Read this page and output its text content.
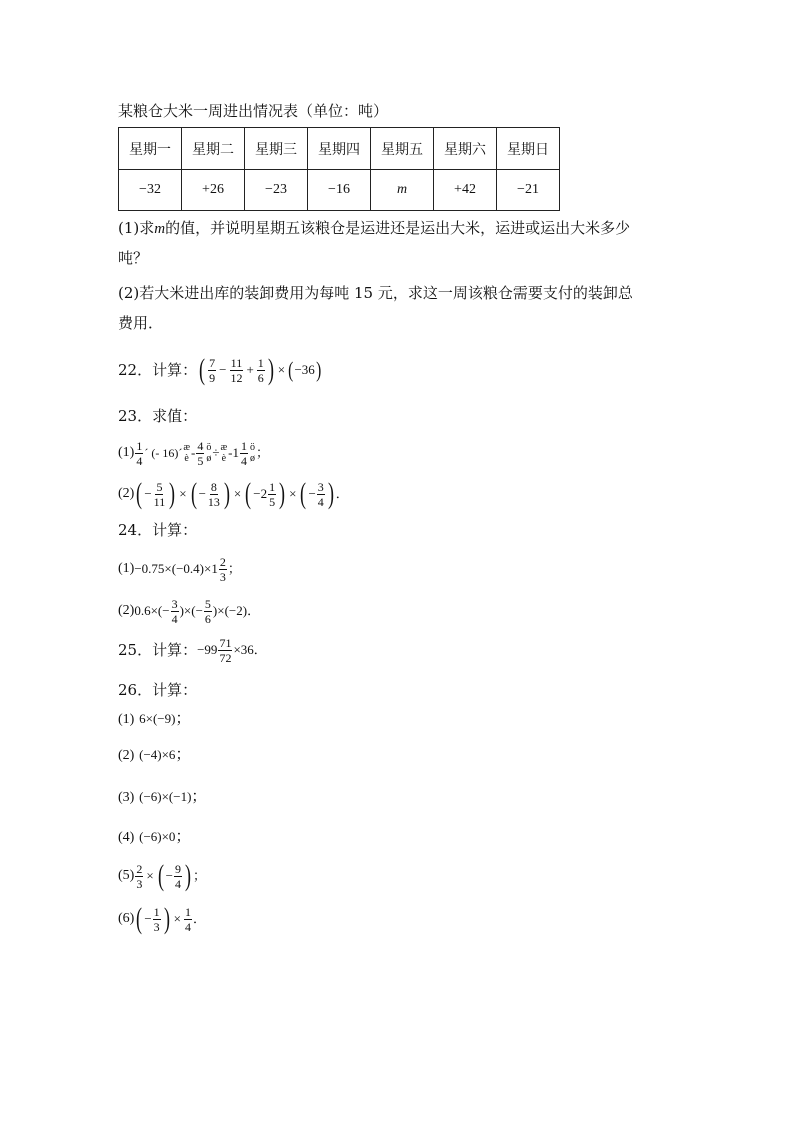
某粮仓大米一周进出情况表（单位：吨）
星期一	星期二	星期三	星期四	星期五	星期六	星期日
−32	+26	−23	−16	m	+42	−21
(1)求m的值，并说明星期五该粮仓是运进还是运出大米，运进或运出大米多少
吨？
(2)若大米进出库的装卸费用为每吨 15 元，求这一周该粮仓需要支付的装卸总
费用．
22．计算： ( $\frac{7}{9} - \frac{11}{12} + \frac{1}{6}$ ) × ( −36 )
23．求值：
$(1) \frac{1}{4}$ ´ (- 16)´ æ
è - $\frac{4}{5}$ ö
ø ÷ æ
è - $1 \frac{1}{4}$ ö
ø ；
(2) ( − $\frac{5}{11}$ ) × ( − $\frac{8}{13}$ ) × ( $-2 \frac{1}{5}$ ) × ( − $\frac{3}{4}$ ) ．
24．计算：
$(1) -0.75\times(-0.4)\times 1 \frac{2}{3}$ ；
(2) $0.6\times(- \frac{3}{4}$ )×(− $\frac{5}{6} )\times(-2)$ ．
25．计算： $-99 \frac{71}{72} \times 36$ ．
26．计算：
(1) 6×(−9)；
(2) (−4)×6；
(3) (−6)×(−1)；
(4) (−6)×0；
$(5) \frac{2}{3}$ × ( − $\frac{9}{4}$ ) ；
(6) ( − $\frac{1}{3}$ ) × $\frac{1}{4}$ ．
